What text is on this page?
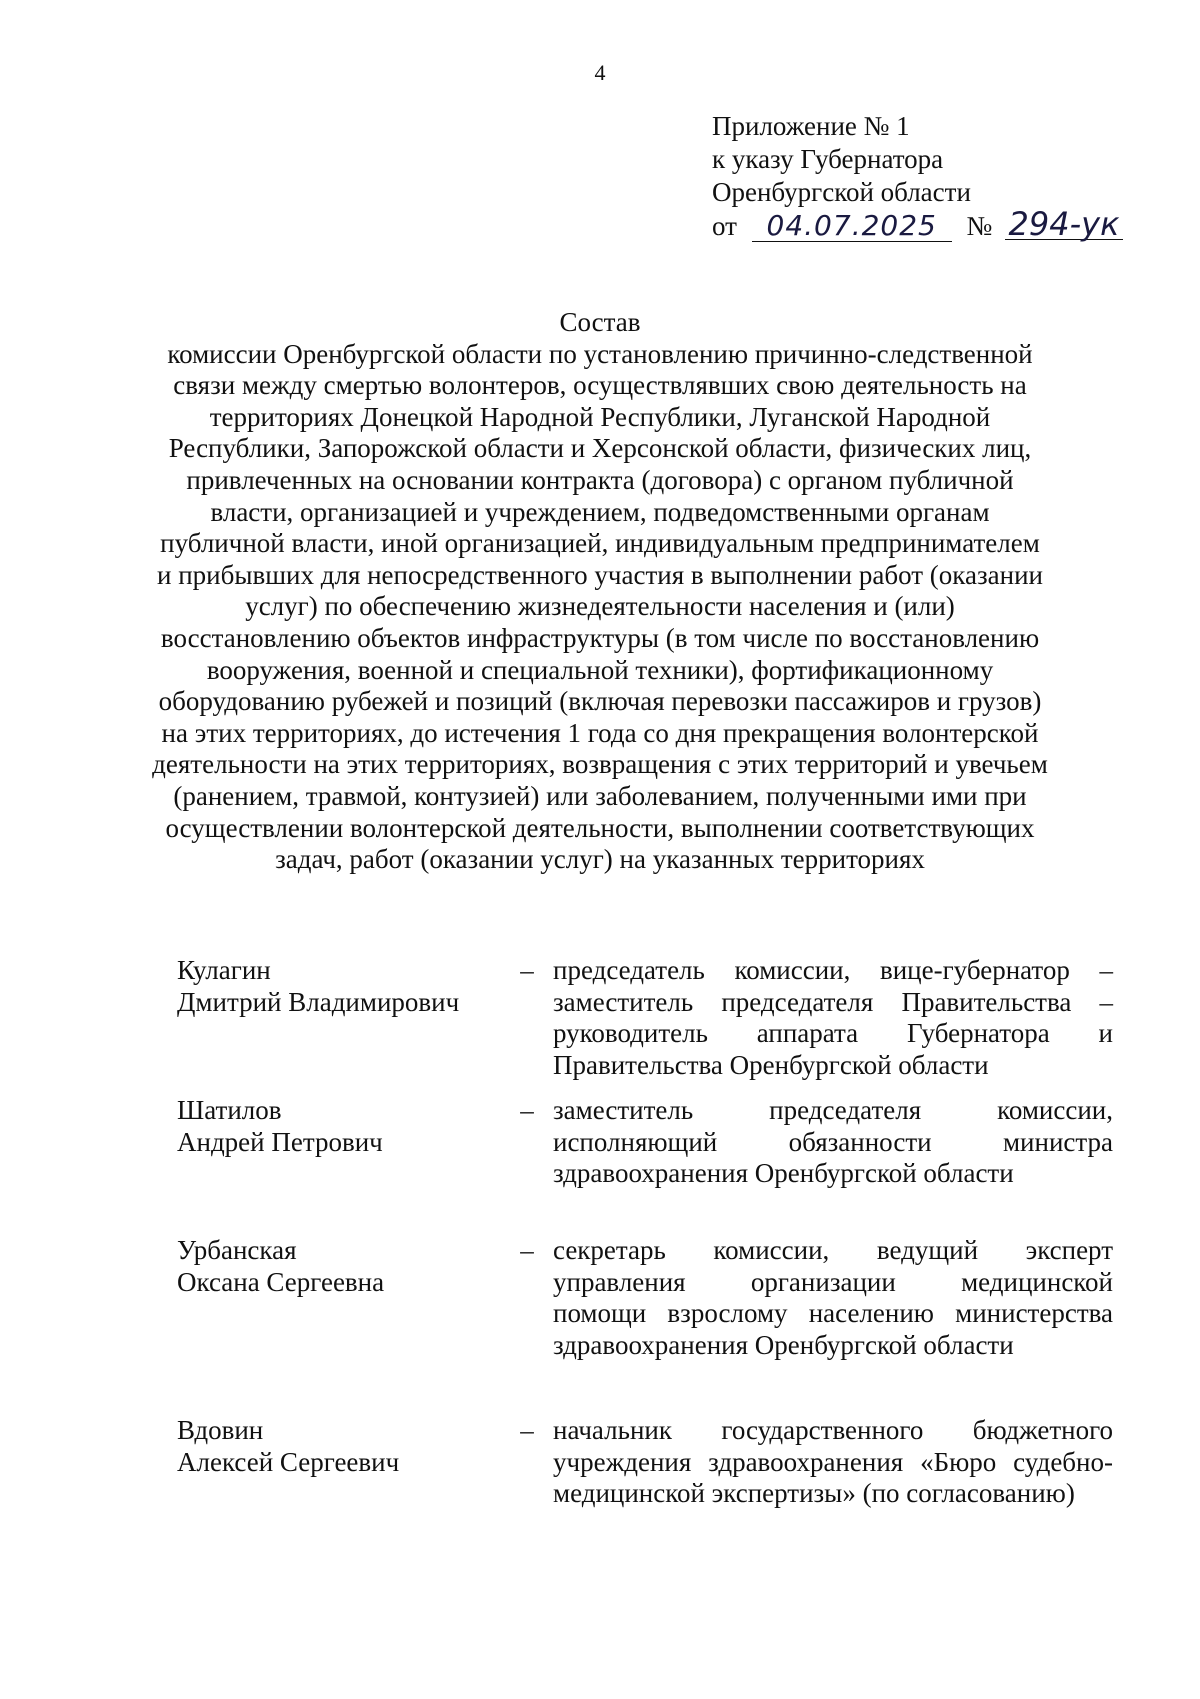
4
Приложение № 1
к указу Губернатора
Оренбургской области
от 04.07.2025 № 294-ук
Состав
комиссии Оренбургской области по установлению причинно-следственной
связи между смертью волонтеров, осуществлявших свою деятельность на
территориях Донецкой Народной Республики, Луганской Народной
Республики, Запорожской области и Херсонской области, физических лиц,
привлеченных на основании контракта (договора) с органом публичной
власти, организацией и учреждением, подведомственными органам
публичной власти, иной организацией, индивидуальным предпринимателем
и прибывших для непосредственного участия в выполнении работ (оказании
услуг) по обеспечению жизнедеятельности населения и (или)
восстановлению объектов инфраструктуры (в том числе по восстановлению
вооружения, военной и специальной техники), фортификационному
оборудованию рубежей и позиций (включая перевозки пассажиров и грузов)
на этих территориях, до истечения 1 года со дня прекращения волонтерской
деятельности на этих территориях, возвращения с этих территорий и увечьем
(ранением, травмой, контузией) или заболеванием, полученными ими при
осуществлении волонтерской деятельности, выполнении соответствующих
задач, работ (оказании услуг) на указанных территориях
Кулагин
Дмитрий Владимирович
– председатель комиссии, вице-губернатор –
заместитель председателя Правительства –
руководитель аппарата Губернатора и
Правительства Оренбургской области
Шатилов
Андрей Петрович
– заместитель председателя комиссии,
исполняющий обязанности министра
здравоохранения Оренбургской области
Урбанская
Оксана Сергеевна
– секретарь комиссии, ведущий эксперт
управления организации медицинской
помощи взрослому населению министерства
здравоохранения Оренбургской области
Вдовин
Алексей Сергеевич
– начальник государственного бюджетного
учреждения здравоохранения «Бюро судебно-
медицинской экспертизы» (по согласованию)
